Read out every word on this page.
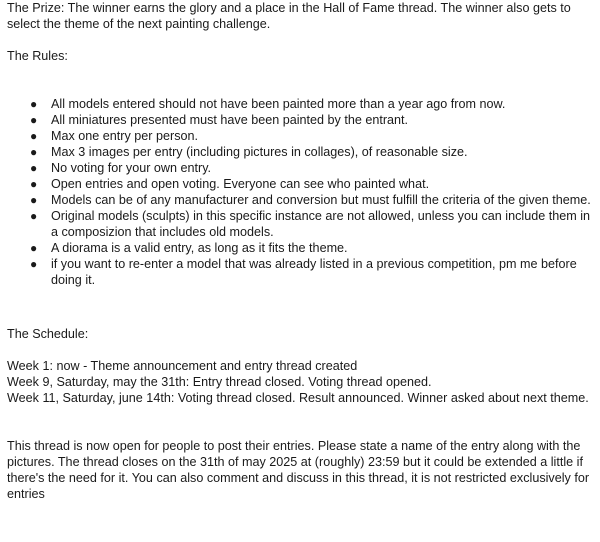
The Prize: The winner earns the glory and a place in the Hall of Fame thread. The winner also gets to select the theme of the next painting challenge.

The Rules:

● All models entered should not have been painted more than a year ago from now.
● All miniatures presented must have been painted by the entrant.
● Max one entry per person.
● Max 3 images per entry (including pictures in collages), of reasonable size.
● No voting for your own entry.
● Open entries and open voting. Everyone can see who painted what.
● Models can be of any manufacturer and conversion but must fulfill the criteria of the given theme.
● Original models (sculpts) in this specific instance are not allowed, unless you can include them in a composizion that includes old models.
● A diorama is a valid entry, as long as it fits the theme.
● if you want to re-enter a model that was already listed in a previous competition, pm me before doing it.

The Schedule:

Week 1: now - Theme announcement and entry thread created

Week 9, Saturday, may the 31th: Entry thread closed. Voting thread opened.

Week 11, Saturday, june 14th: Voting thread closed. Result announced. Winner asked about next theme.

This thread is now open for people to post their entries. Please state a name of the entry along with the pictures. The thread closes on the 31th of may 2025 at (roughly) 23:59 but it could be extended a little if there's the need for it. You can also comment and discuss in this thread, it is not restricted exclusively for entries
